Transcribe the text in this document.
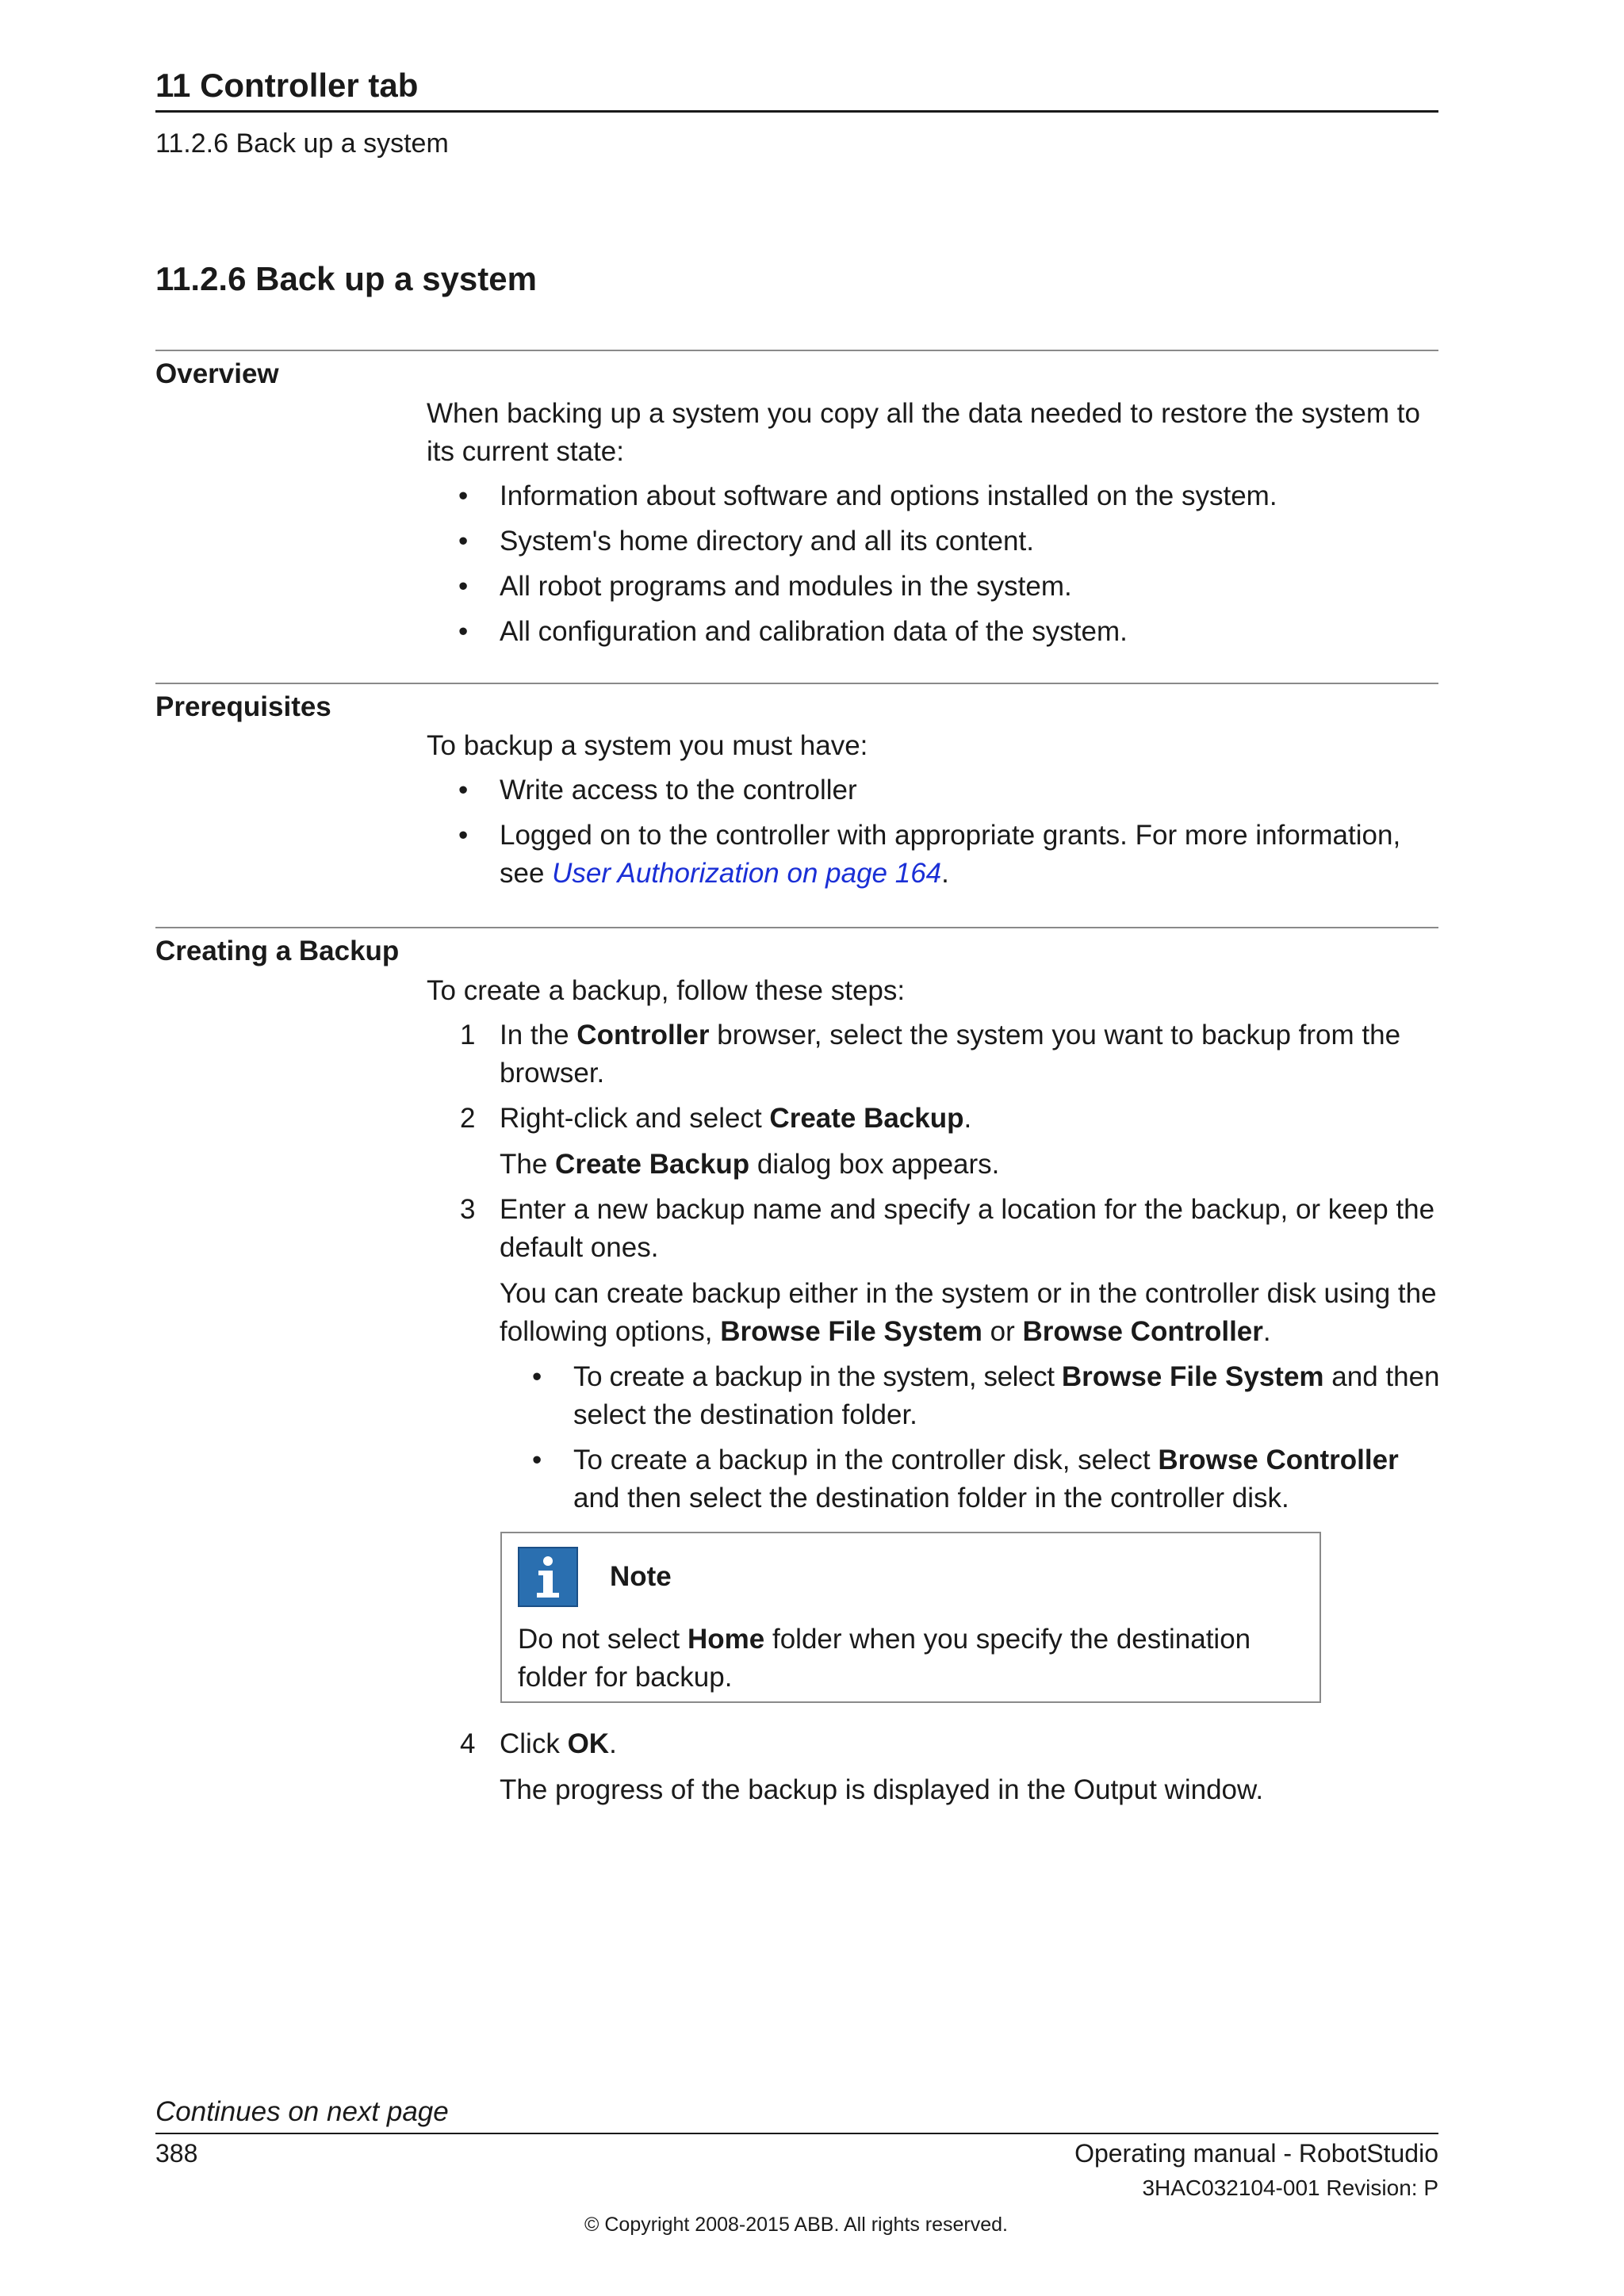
11 Controller tab
11.2.6 Back up a system
11.2.6 Back up a system
Overview

When backing up a system you copy all the data needed to restore the system to its current state:

• Information about software and options installed on the system.
• System's home directory and all its content.
• All robot programs and modules in the system.
• All configuration and calibration data of the system.
Prerequisites

To backup a system you must have:

• Write access to the controller
• Logged on to the controller with appropriate grants. For more information, see User Authorization on page 164.
Creating a Backup

To create a backup, follow these steps:

1 In the Controller browser, select the system you want to backup from the browser.
2 Right-click and select Create Backup.
The Create Backup dialog box appears.
3 Enter a new backup name and specify a location for the backup, or keep the default ones.
You can create backup either in the system or in the controller disk using the following options, Browse File System or Browse Controller.
• To create a backup in the system, select Browse File System and then select the destination folder.
• To create a backup in the controller disk, select Browse Controller and then select the destination folder in the controller disk.
Note

Do not select Home folder when you specify the destination folder for backup.

4 Click OK.
The progress of the backup is displayed in the Output window.
Continues on next page
388	Operating manual - RobotStudio
3HAC032104-001 Revision: P
© Copyright 2008-2015 ABB. All rights reserved.
